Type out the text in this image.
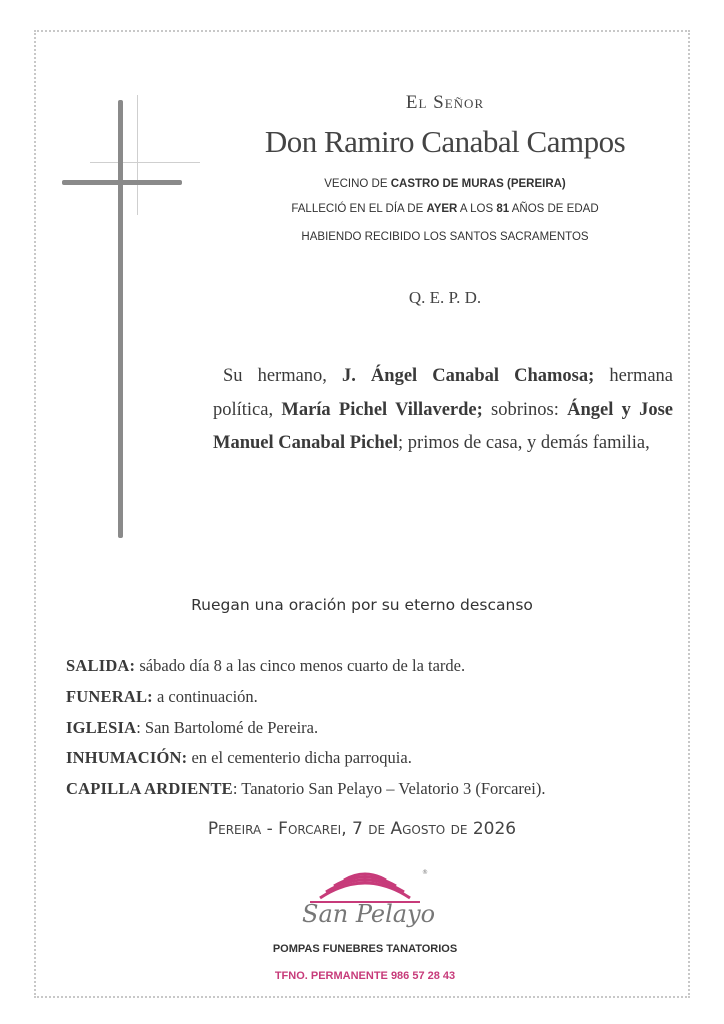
El Señor
Don Ramiro Canabal Campos
VECINO DE CASTRO DE MURAS (PEREIRA)
FALLECIÓ EN EL DÍA DE AYER A LOS 81 AÑOS DE EDAD
HABIENDO RECIBIDO LOS SANTOS SACRAMENTOS
Q. E. P. D.
Su hermano, J. Ángel Canabal Chamosa; hermana política, María Pichel Villaverde; sobrinos: Ángel y Jose Manuel Canabal Pichel; primos de casa, y demás familia,
Ruegan una oración por su eterno descanso
SALIDA: sábado día 8 a las cinco menos cuarto de la tarde.
FUNERAL: a continuación.
IGLESIA: San Bartolomé de Pereira.
INHUMACIÓN: en el cementerio dicha parroquia.
CAPILLA ARDIENTE: Tanatorio San Pelayo – Velatorio 3 (Forcarei).
Pereira - Forcarei, 7 de Agosto de 2026
San Pelayo
®
POMPAS FUNEBRES TANATORIOS
TFNO. PERMANENTE 986 57 28 43
